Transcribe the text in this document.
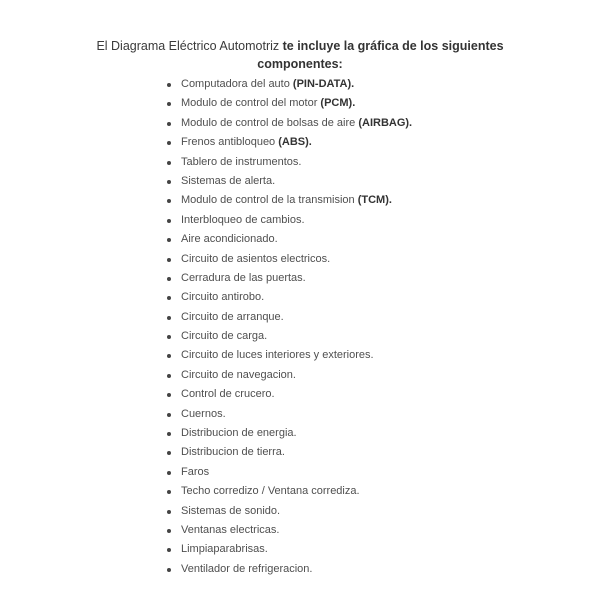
El Diagrama Eléctrico Automotriz te incluye la gráfica de los siguientes componentes:
Computadora del auto (PIN-DATA).
Modulo de control del motor (PCM).
Modulo de control de bolsas de aire (AIRBAG).
Frenos antibloqueo (ABS).
Tablero de instrumentos.
Sistemas de alerta.
Modulo de control de la transmision (TCM).
Interbloqueo de cambios.
Aire acondicionado.
Circuito de asientos electricos.
Cerradura de las puertas.
Circuito antirobo.
Circuito de arranque.
Circuito de carga.
Circuito de luces interiores y exteriores.
Circuito de navegacion.
Control de crucero.
Cuernos.
Distribucion de energia.
Distribucion de tierra.
Faros
Techo corredizo / Ventana corrediza.
Sistemas de sonido.
Ventanas electricas.
Limpiaparabrisas.
Ventilador de refrigeracion.
